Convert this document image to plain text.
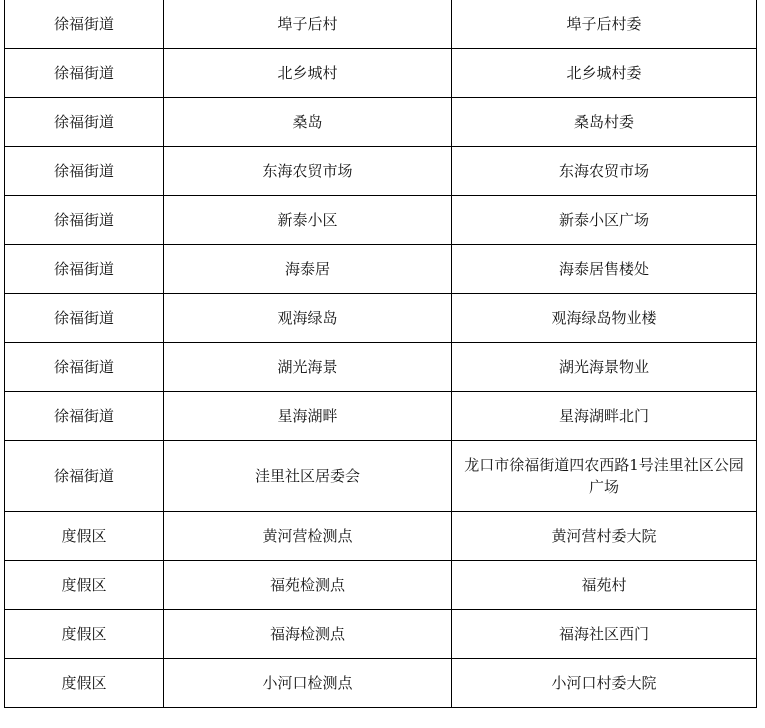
徐福街道	埠子后村	埠子后村委
徐福街道	北乡城村	北乡城村委
徐福街道	桑岛	桑岛村委
徐福街道	东海农贸市场	东海农贸市场
徐福街道	新泰小区	新泰小区广场
徐福街道	海泰居	海泰居售楼处
徐福街道	观海绿岛	观海绿岛物业楼
徐福街道	湖光海景	湖光海景物业
徐福街道	星海湖畔	星海湖畔北门
徐福街道	洼里社区居委会	龙口市徐福街道四农西路1号洼里社区公园广场
度假区	黄河营检测点	黄河营村委大院
度假区	福苑检测点	福苑村
度假区	福海检测点	福海社区西门
度假区	小河口检测点	小河口村委大院
